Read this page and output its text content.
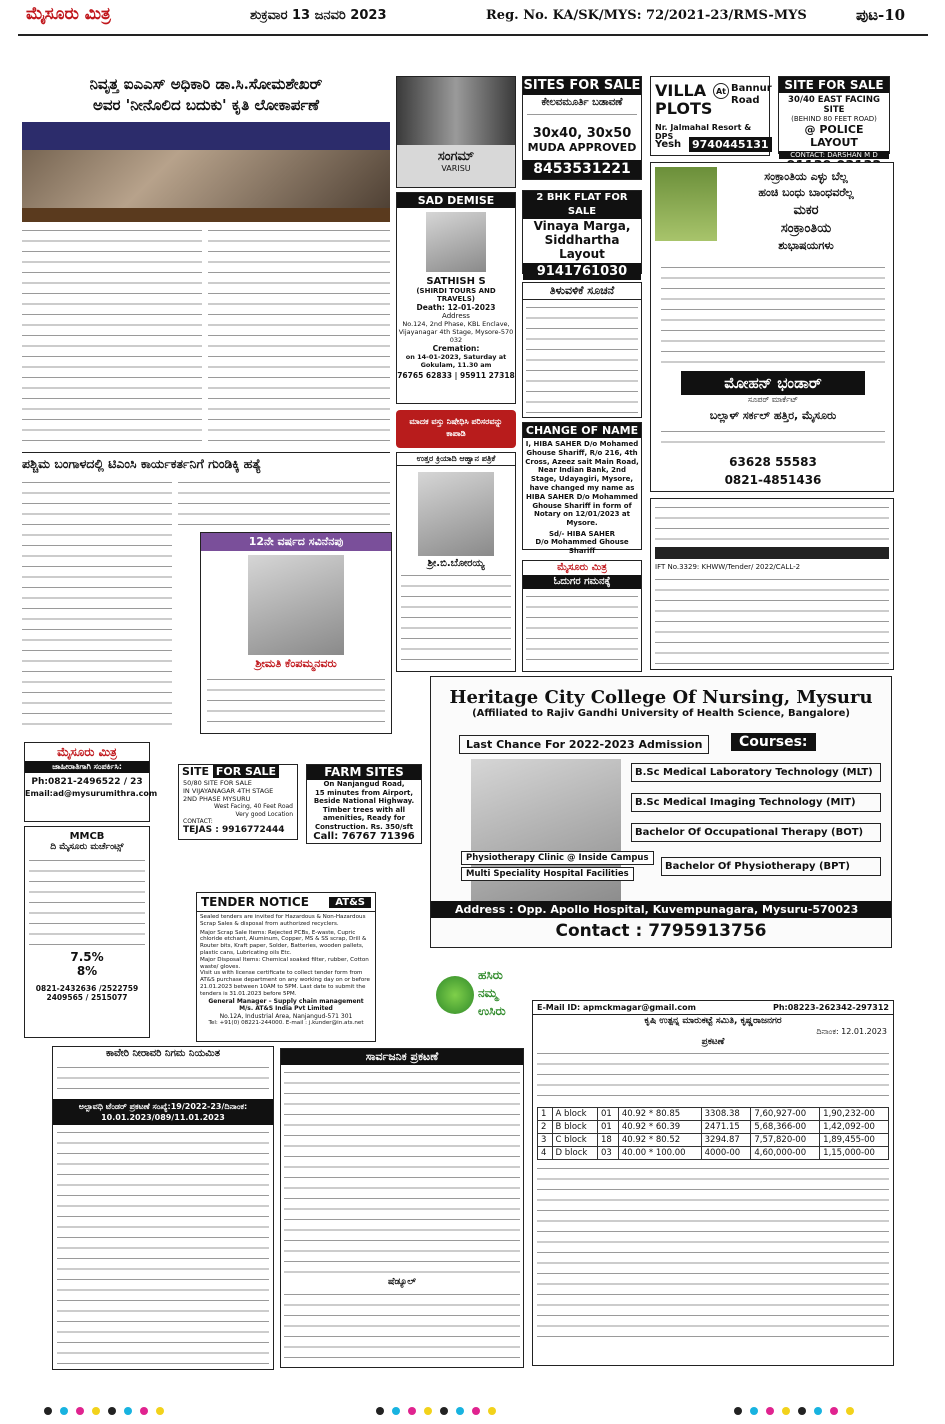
ಮೈಸೂರು ಮಿತ್ರ	ಶುಕ್ರವಾರ 13 ಜನವರಿ 2023	Reg. No. KA/SK/MYS: 72/2021-23/RMS-MYS	ಪುಟ-10
ನಿವೃತ್ತ ಐಎಎಸ್ ಅಧಿಕಾರಿ ಡಾ.ಸಿ.ಸೋಮಶೇಖರ್
ಅವರ 'ನೀನೊಲಿದ ಬದುಕು' ಕೃತಿ ಲೋಕಾರ್ಪಣೆ
ಪಶ್ಚಿಮ ಬಂಗಾಳದಲ್ಲಿ ಟಿಎಂಸಿ ಕಾರ್ಯಕರ್ತನಿಗೆ ಗುಂಡಿಕ್ಕಿ ಹತ್ಯೆ
ಸಂಗಮ್
VARISU
SITES FOR SALE
ಕೇಲವಮೂರ್ತಿ ಬಡಾವಣೆ
30x40, 30x50
MUDA APPROVED
8453531221
VILLA
PLOTS
At Bannur Road
Nr. Jalmahal Resort & DPS
Yesh 9740445131
SITE FOR SALE
30/40 EAST FACING SITE
(BEHIND 80 FEET ROAD)
@ POLICE LAYOUT
CONTACT: DARSHAN M D
SAD DEMISE
SATHISH S
(SHIRDI TOURS AND TRAVELS)
Death: 12-01-2023
Address
No.124, 2nd Phase, KBL Enclave, Vijayanagar 4th Stage, Mysore-570 032
Cremation:
on 14-01-2023, Saturday at Gokulam, 11.30 am
76765 62833 | 95911 27318
ಮಾದಕ ವಸ್ತು ನಿಷೇಧಿಸಿ ಪರಿಸರವನ್ನು ಕಾಪಾಡಿ
2 BHK FLAT FOR SALE
Vinaya Marga,
Siddhartha
Layout
9141761030
ತಿಳುವಳಿಕೆ ಸೂಚನೆ
CHANGE OF NAME
I, HIBA SAHER D/o Mohamed Ghouse Shariff, R/o 216, 4th Cross, Azeez sait Main Road, Near Indian Bank, 2nd Stage, Udayagiri, Mysore, have changed my name as HIBA SAHER D/o Mohammed Ghouse Shariff in form of Notary on 12/01/2023 at Mysore.
Sd/- HIBA SAHER
D/o Mohammed Ghouse Shariff
ಸಂಕ್ರಾಂತಿಯ ಎಳ್ಳು ಬೆಲ್ಲ
ಹಂಚಿ ಬಂಧು ಬಾಂಧವರೆಲ್ಲ
ಮಕರ
ಸಂಕ್ರಾಂತಿಯ
ಶುಭಾಷಯಗಳು
ಮೋಹನ್ ಭಂಡಾರ್
ಸೂಪರ್ ಮಾರ್ಕೆಟ್
ಬಲ್ಲಾಳ್ ಸರ್ಕಲ್ ಹತ್ತಿರ, ಮೈಸೂರು
63628 55583
0821-4851436
ಉತ್ತರ ಕ್ರಿಯಾದಿ ಆಹ್ವಾನ ಪತ್ರಿಕೆ
ಶ್ರೀ.ಬಿ.ಬೋರಯ್ಯ
12ನೇ ವರ್ಷದ ಸವಿನೆನಪು
ಶ್ರೀಮತಿ ಕೆಂಪಮ್ಮನವರು
ಮೈಸೂರು ಮಿತ್ರ
ಓದುಗರ ಗಮನಕ್ಕೆ
IFT No.3329: KHWW/Tender/ 2022/CALL-2
Heritage City College Of Nursing, Mysuru
(Affiliated to Rajiv Gandhi University of Health Science, Bangalore)
Last Chance For 2022-2023 Admission	Courses:
B.Sc Medical Laboratory Technology (MLT)
B.Sc Medical Imaging Technology (MIT)
Bachelor Of Occupational Therapy (BOT)
Bachelor Of Physiotherapy (BPT)
Physiotherapy Clinic @ Inside Campus
Multi Speciality Hospital Facilities
Address : Opp. Apollo Hospital, Kuvempunagara, Mysuru-570023
Contact : 7795913756
ಮೈಸೂರು ಮಿತ್ರ
ಜಾಹೀರಾತಿಗಾಗಿ ಸಂಪರ್ಕಿಸಿ:
Ph:0821-2496522 / 23
Email:ad@mysurumithra.com
MMCB
ದಿ ಮೈಸೂರು ಮರ್ಚೆಂಟ್ಸ್
7.5%
8%
0821-2432636 /2522759
2409565 / 2515077
SITE FOR SALE
50/80 SITE FOR SALE
IN VIJAYANAGAR 4TH STAGE
2ND PHASE MYSURU
West Facing, 40 Feet Road
Very good Location
CONTACT:
TEJAS : 9916772444
FARM SITES
On Nanjangud Road,
15 minutes from Airport,
Beside National Highway.
Timber trees with all
amenities, Ready for
Construction. Rs. 350/sft
Call: 76767 71396
TENDER NOTICE	AT&S
Sealed tenders are invited for Hazardous & Non-Hazardous Scrap Sales & disposal from authorized recyclers.
Major Scrap Sale Items: Rejected PCBs, E-waste, Cupric chloride etchant, Aluminum, Copper, MS & SS scrap, Drill & Router bits, Kraft paper, Solder, Batteries, wooden pallets, plastic cans, Lubricating oils Etc.
Major Disposal Items: Chemical soaked filter, rubber, Cotton waste/ gloves.
Visit us with license certificate to collect tender form from AT&S purchase department on any working day on or before 21.01.2023 between 10AM to 5PM. Last date to submit the tenders is 31.01.2023 before 5PM.
General Manager – Supply chain management
M/s. AT&S India Pvt Limited
No.12A, Industrial Area, Nanjangud-571 301
Tel: +91(0) 08221-244000. E-mail : j.kunder@in.ats.net
ಹಸಿರು
ನಮ್ಮ
ಉಸಿರು	E-Mail ID: apmckmagar@gmail.com	Ph:08223-262342-297312
ಕೃಷಿ ಉತ್ಪನ್ನ ಮಾರುಕಟ್ಟೆ ಸಮಿತಿ, ಕೃಷ್ಣರಾಜನಗರ
ದಿನಾಂಕ: 12.01.2023
ಪ್ರಕಟಣೆ
1	A block	01	40.92 * 80.85	3308.38	7,60,927-00	1,90,232-00
2	B block	01	40.92 * 60.39	2471.15	5,68,366-00	1,42,092-00
3	C block	18	40.92 * 80.52	3294.87	7,57,820-00	1,89,455-00
4	D block	03	40.00 * 100.00	4000-00	4,60,000-00	1,15,000-00
ಕಾವೇರಿ ನೀರಾವರಿ ನಿಗಮ ನಿಯಮಿತ
ಅಲ್ಪಾವಧಿ ಟೆಂಡರ್ ಪ್ರಕಟಣೆ ಸಂಖ್ಯೆ:19/2022-23/ದಿನಾಂಕ: 10.01.2023/089/11.01.2023
ಸಾರ್ವಜನಿಕ ಪ್ರಕಟಣೆ
ಷೆಡ್ಯೂಲ್
